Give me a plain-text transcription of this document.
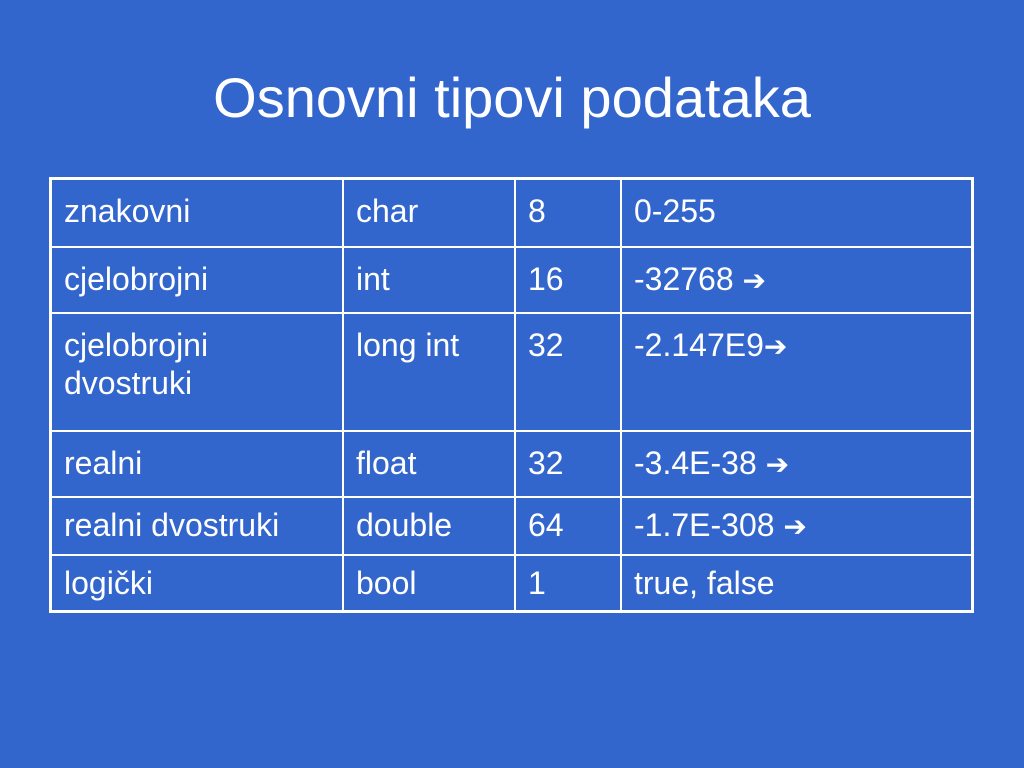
Osnovni tipovi podataka
znakovni	char	8	0-255
cjelobrojni	int	16	-32768 ➔
cjelobrojni dvostruki	long int	32	-2.147E9➔
realni	float	32	-3.4E-38 ➔
realni dvostruki	double	64	-1.7E-308 ➔
logički	bool	1	true, false
